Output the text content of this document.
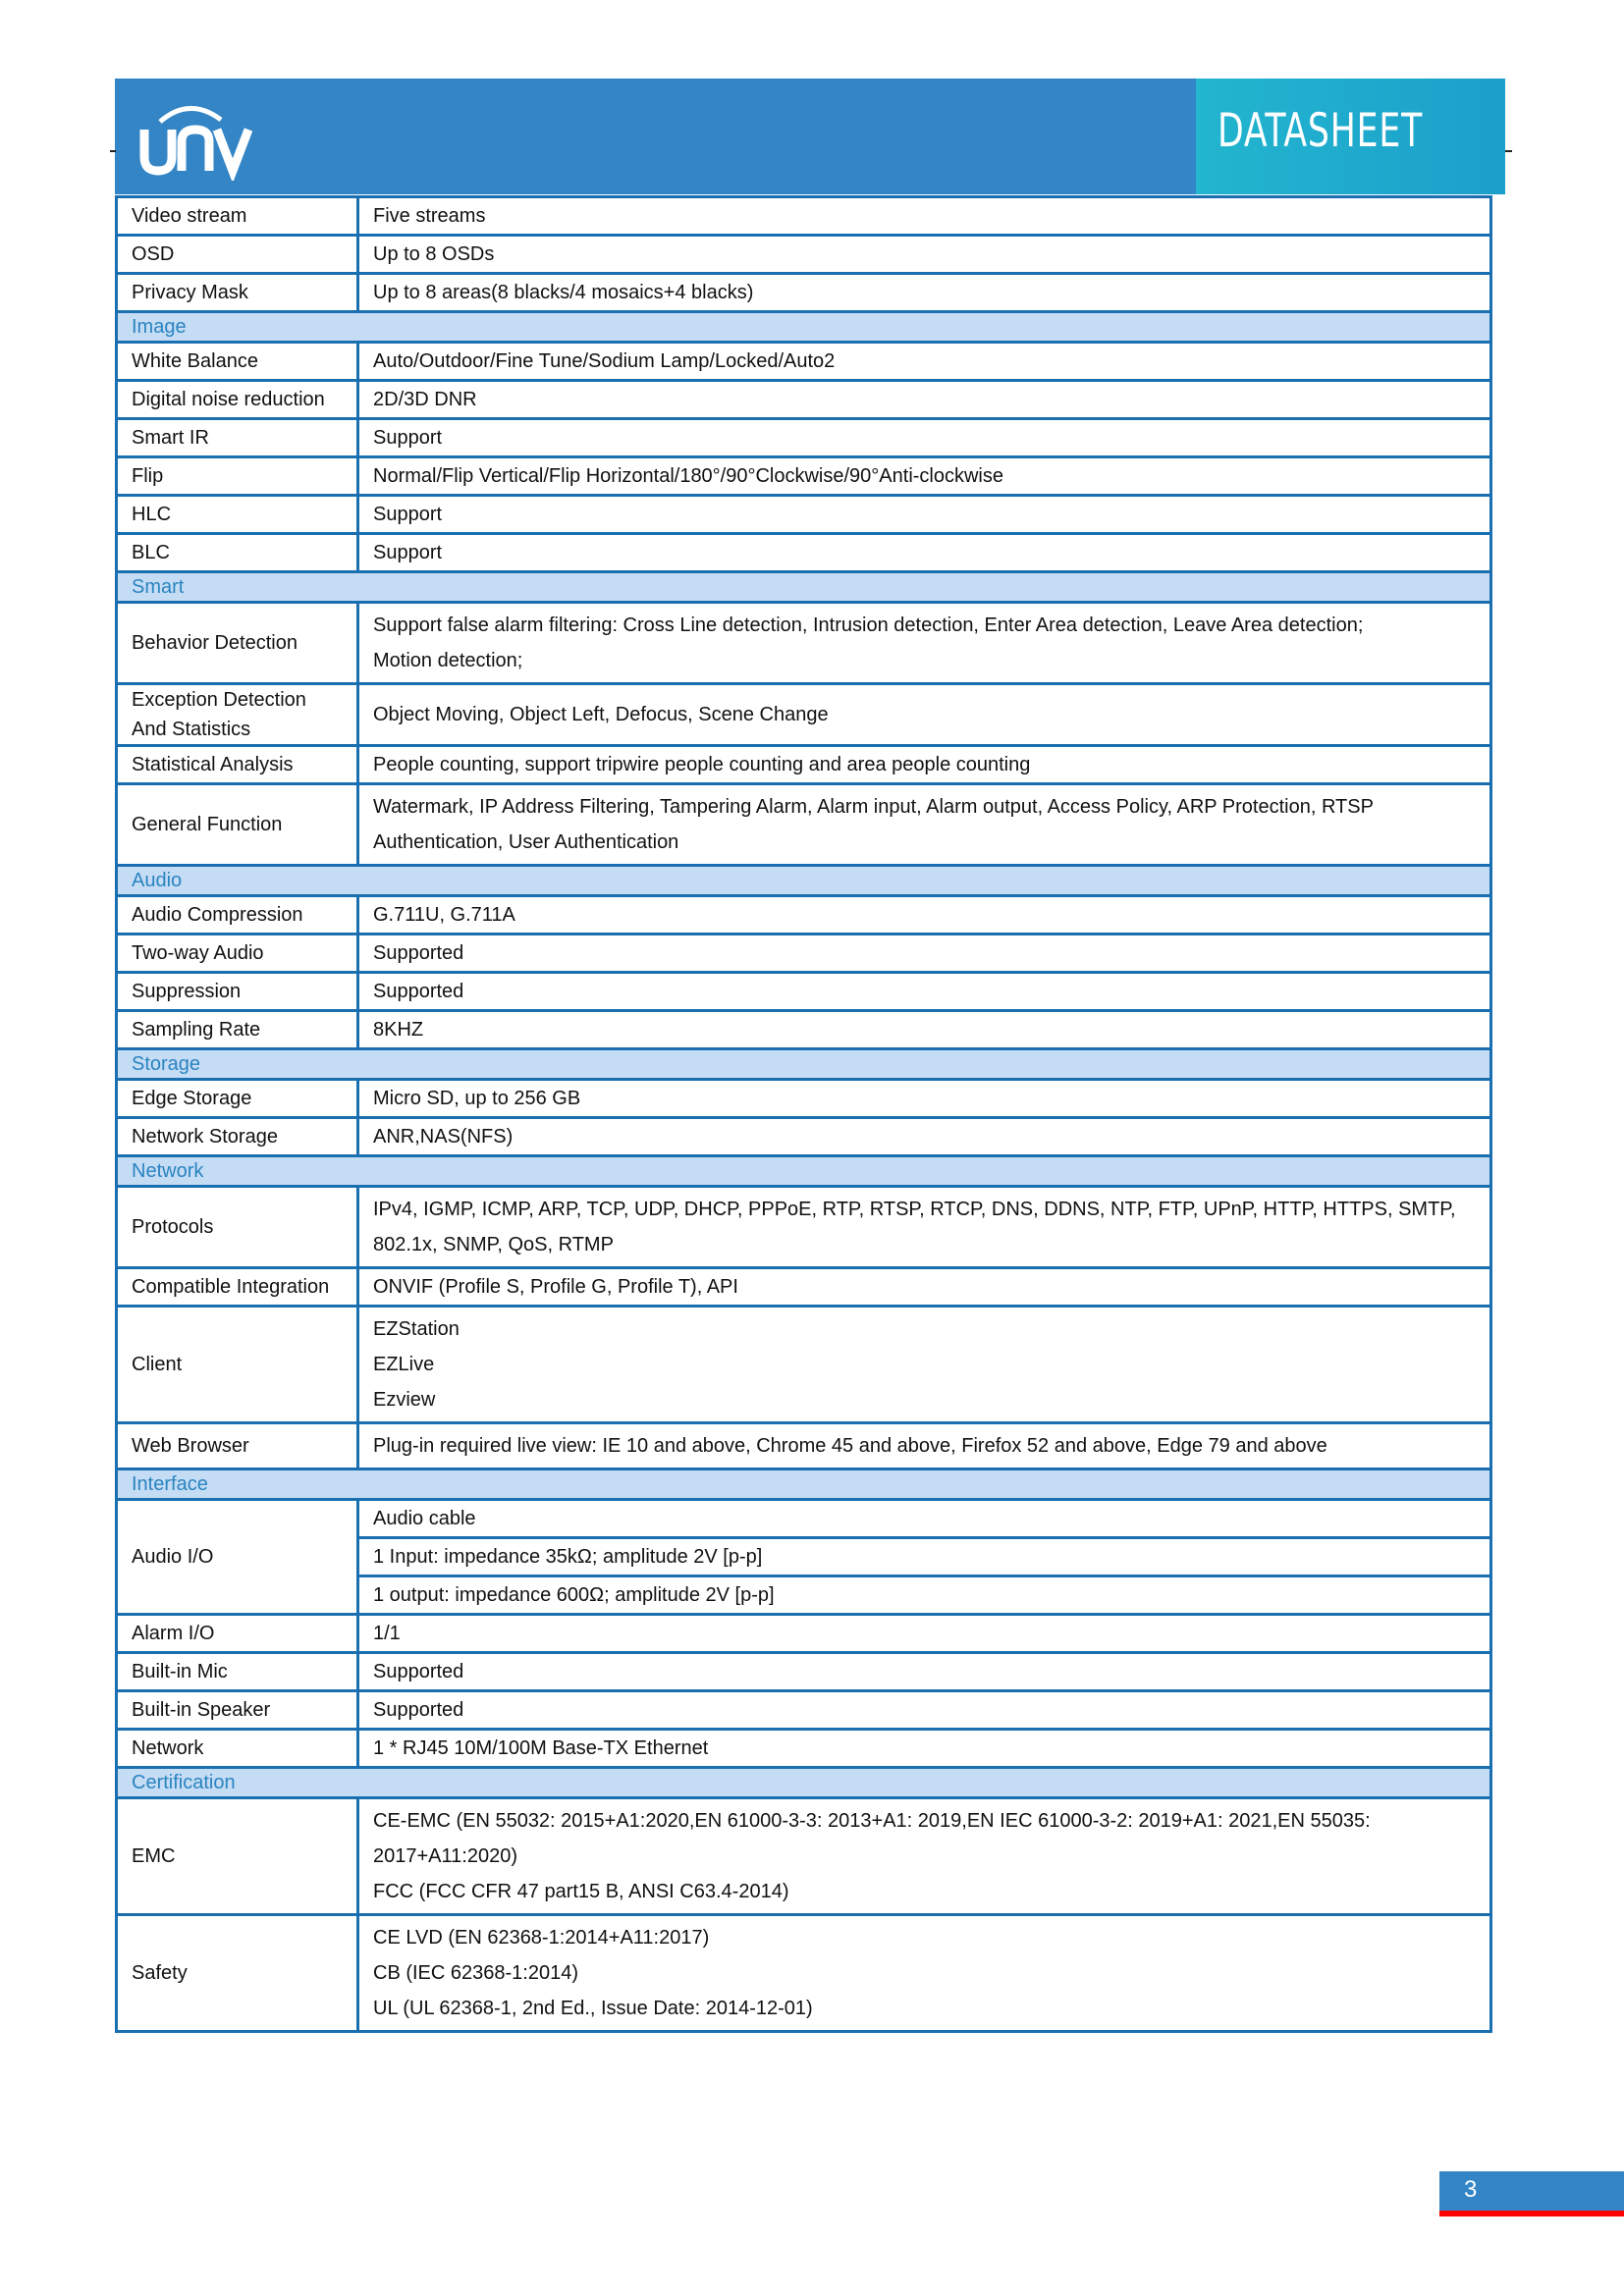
DATASHEET
Video stream	Five streams
OSD	Up to 8 OSDs
Privacy Mask	Up to 8 areas(8 blacks/4 mosaics+4 blacks)
Image	
White Balance	Auto/Outdoor/Fine Tune/Sodium Lamp/Locked/Auto2
Digital noise reduction	2D/3D DNR
Smart IR	Support
Flip	Normal/Flip Vertical/Flip Horizontal/180°/90°Clockwise/90°Anti-clockwise
HLC	Support
BLC	Support
Smart	
Behavior Detection	Support false alarm filtering: Cross Line detection, Intrusion detection, Enter Area detection, Leave Area detection;
Motion detection;

Exception Detection And Statistics	Object Moving, Object Left, Defocus, Scene Change
Statistical Analysis	People counting, support tripwire people counting and area people counting
General Function	Watermark, IP Address Filtering, Tampering Alarm, Alarm input, Alarm output, Access Policy, ARP Protection, RTSP Authentication, User Authentication
Audio	
Audio Compression	G.711U, G.711A
Two-way Audio	Supported
Suppression	Supported
Sampling Rate	8KHZ
Storage	
Edge Storage	Micro SD, up to 256 GB
Network Storage	ANR,NAS(NFS)
Network	
Protocols	IPv4, IGMP, ICMP, ARP, TCP, UDP, DHCP, PPPoE, RTP, RTSP, RTCP, DNS, DDNS, NTP, FTP, UPnP, HTTP, HTTPS, SMTP, 802.1x, SNMP, QoS, RTMP
Compatible Integration	ONVIF (Profile S, Profile G, Profile T), API
Client	EZStation
EZLive
Ezview

Web Browser	Plug-in required live view: IE 10 and above, Chrome 45 and above, Firefox 52 and above, Edge 79 and above
Interface	
Audio I/O	Audio cable
	1 Input: impedance 35kΩ; amplitude 2V [p-p]
	1 output: impedance 600Ω; amplitude 2V [p-p]
Alarm I/O	1/1
Built-in Mic	Supported
Built-in Speaker	Supported
Network	1 * RJ45 10M/100M Base-TX Ethernet
Certification	
EMC	CE-EMC (EN 55032: 2015+A1:2020,EN 61000-3-3: 2013+A1: 2019,EN IEC 61000-3-2: 2019+A1: 2021,EN 55035: 2017+A11:2020)
FCC (FCC CFR 47 part15 B, ANSI C63.4-2014)

Safety	CE LVD (EN 62368-1:2014+A11:2017)
CB (IEC 62368-1:2014)
UL (UL 62368-1, 2nd Ed., Issue Date: 2014-12-01)
3
